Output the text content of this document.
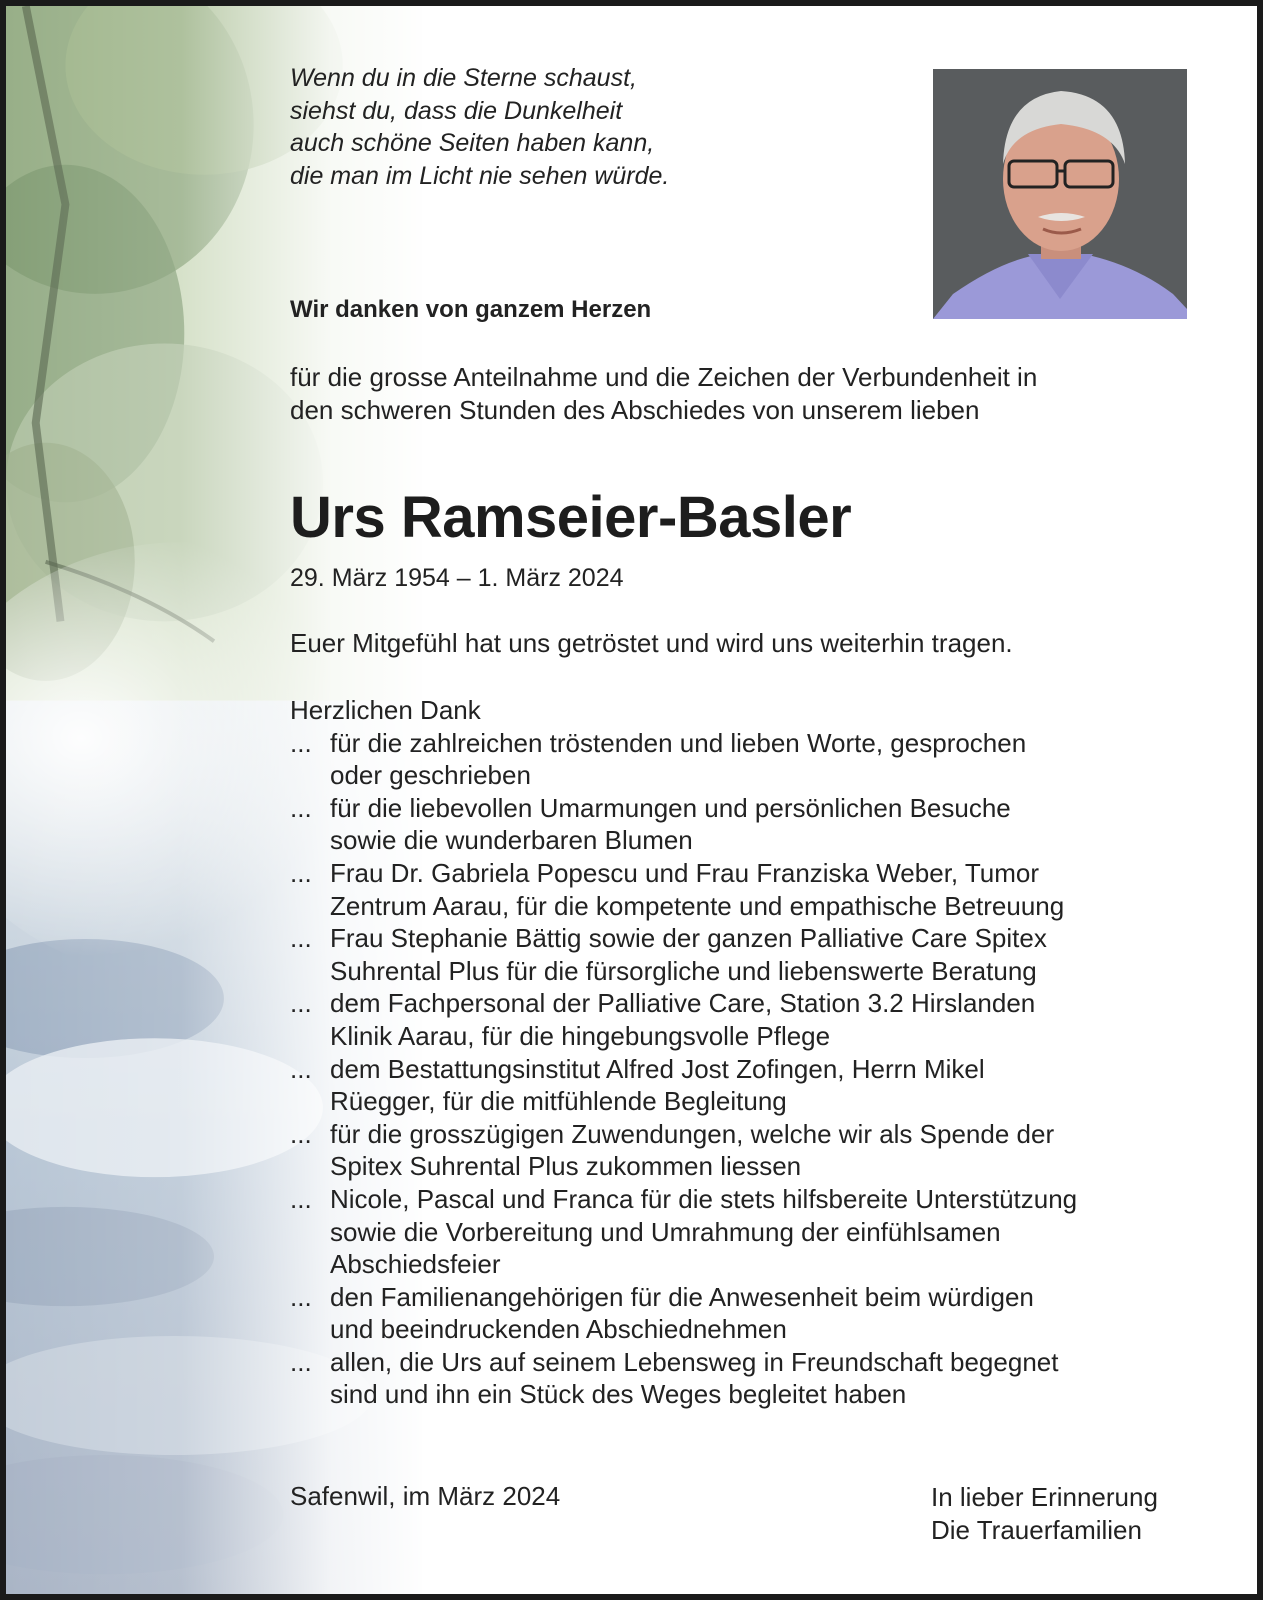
Wenn du in die Sterne schaust,
siehst du, dass die Dunkelheit
auch schöne Seiten haben kann,
die man im Licht nie sehen würde.
Wir danken von ganzem Herzen
für die grosse Anteilnahme und die Zeichen der Verbundenheit in
den schweren Stunden des Abschiedes von unserem lieben
Urs Ramseier-Basler
29. März 1954 – 1. März 2024
Euer Mitgefühl hat uns getröstet und wird uns weiterhin tragen.
Herzlichen Dank
... für die zahlreichen tröstenden und lieben Worte, gesprochen
oder geschrieben
... für die liebevollen Umarmungen und persönlichen Besuche
sowie die wunderbaren Blumen
... Frau Dr. Gabriela Popescu und Frau Franziska Weber, Tumor
Zentrum Aarau, für die kompetente und empathische Betreuung
... Frau Stephanie Bättig sowie der ganzen Palliative Care Spitex
Suhrental Plus für die fürsorgliche und liebenswerte Beratung
... dem Fachpersonal der Palliative Care, Station 3.2 Hirslanden
Klinik Aarau, für die hingebungsvolle Pflege
... dem Bestattungsinstitut Alfred Jost Zofingen, Herrn Mikel
Rüegger, für die mitfühlende Begleitung
... für die grosszügigen Zuwendungen, welche wir als Spende der
Spitex Suhrental Plus zukommen liessen
... Nicole, Pascal und Franca für die stets hilfsbereite Unterstützung
sowie die Vorbereitung und Umrahmung der einfühlsamen
Abschiedsfeier
... den Familienangehörigen für die Anwesenheit beim würdigen
und beeindruckenden Abschiednehmen
... allen, die Urs auf seinem Lebensweg in Freundschaft begegnet
sind und ihn ein Stück des Weges begleitet haben
Safenwil, im März 2024	In lieber Erinnerung
Die Trauerfamilien
